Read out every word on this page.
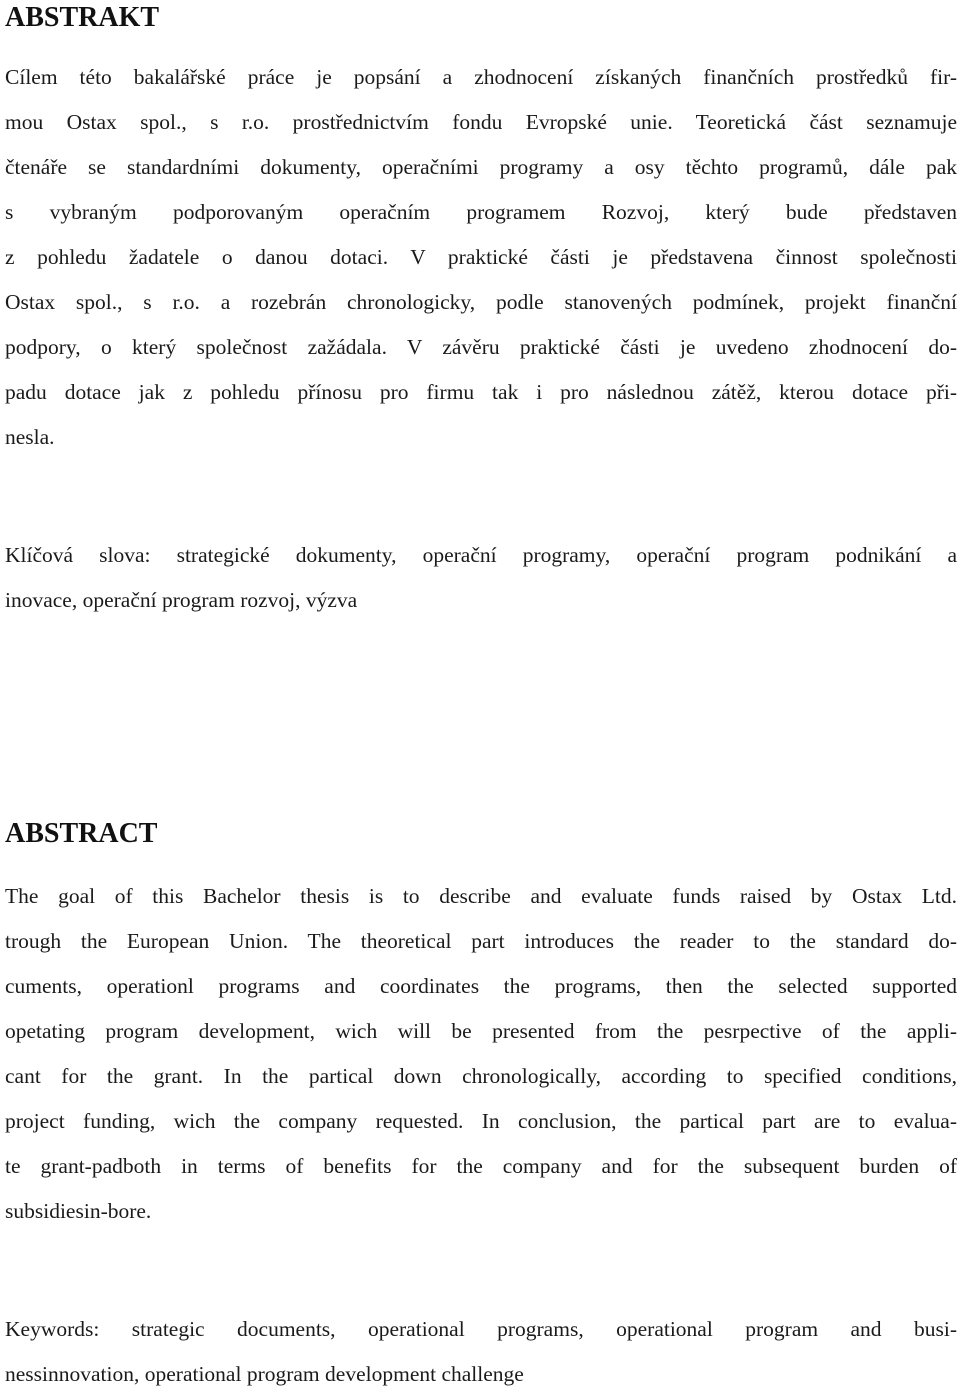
ABSTRAKT
Cílem této bakalářské práce je popsání a zhodnocení získaných finančních prostředků fir-
mou Ostax spol., s r.o. prostřednictvím fondu Evropské unie. Teoretická část seznamuje
čtenáře se standardními dokumenty, operačními programy a osy těchto programů, dále pak
s vybraným podporovaným operačním programem Rozvoj, který bude představen
z pohledu žadatele o danou dotaci. V praktické části je představena činnost společnosti
Ostax spol., s r.o. a rozebrán chronologicky, podle stanovených podmínek, projekt finanční
podpory, o který společnost zažádala. V závěru praktické části je uvedeno zhodnocení do-
padu dotace jak z pohledu přínosu pro firmu tak i pro následnou zátěž, kterou dotace při-
nesla.
Klíčová slova: strategické dokumenty, operační programy, operační program podnikání a
inovace, operační program rozvoj, výzva
ABSTRACT
The goal of this Bachelor thesis is to describe and evaluate funds raised by Ostax Ltd.
trough the European Union. The theoretical part introduces the reader to the standard do-
cuments, operationl programs and coordinates the programs, then the selected supported
opetating program development, wich will be presented from the pesrpective of the appli-
cant for the grant. In the partical down chronologically, according to specified conditions,
project funding, wich the company requested. In conclusion, the partical part are to evalua-
te grant-padboth in terms of benefits for the company and for the subsequent burden of
subsidiesin-bore.
Keywords: strategic documents, operational programs, operational program and busi-
nessinnovation, operational program development challenge
